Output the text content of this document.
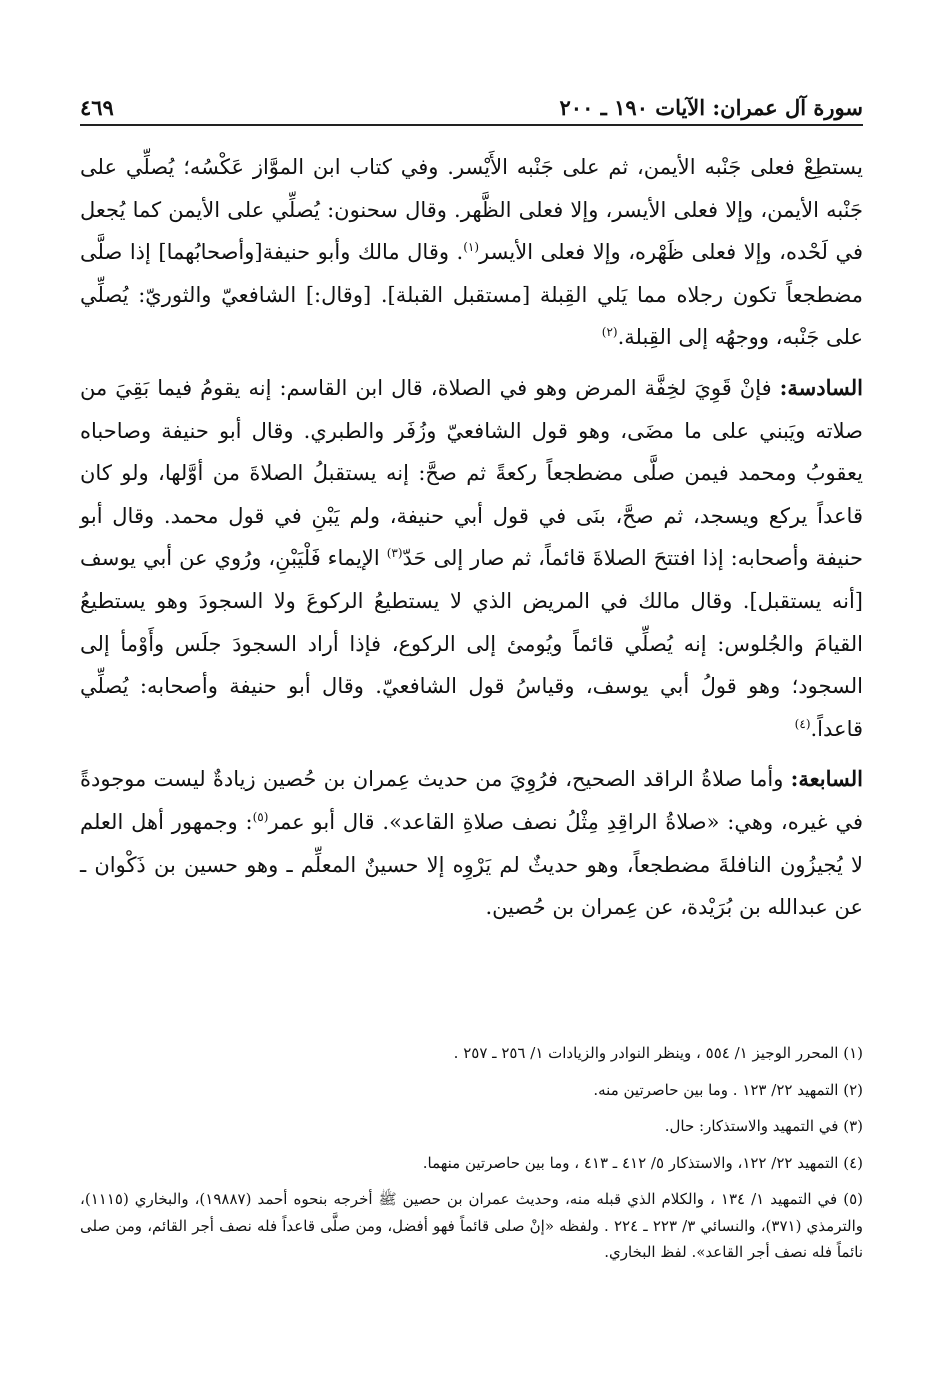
سورة آل عمران: الآيات ١٩٠ ـ ٢٠٠
٤٦٩

يستطِعْ فعلى جَنْبه الأيمن، ثم على جَنْبه الأَيْسر. وفي كتاب ابن الموَّاز عَكْسُه؛ يُصلِّي على جَنْبه الأيمن، وإلا فعلى الأيسر، وإلا فعلى الظَّهر. وقال سحنون: يُصلِّي على الأيمن كما يُجعل في لَحْده، وإلا فعلى ظَهْره، وإلا فعلى الأيسر$^{(١)}$. وقال مالك وأبو حنيفة[وأصحابُهما] إذا صلَّى مضطجعاً تكون رجلاه مما يَلي القِبلة [مستقبل القبلة]. [وقال:] الشافعيّ والثوريّ: يُصلِّي على جَنْبه، ووجهُه إلى القِبلة.$^{(٢)}$

السادسة: فإنْ قَوِيَ لخِفَّة المرض وهو في الصلاة، قال ابن القاسم: إنه يقومُ فيما بَقِيَ من صلاته ويَبني على ما مضَى، وهو قول الشافعيّ وزُفَر والطبري. وقال أبو حنيفة وصاحباه يعقوبُ ومحمد فيمن صلَّى مضطجعاً ركعةً ثم صحَّ: إنه يستقبلُ الصلاةَ من أوَّلها، ولو كان قاعداً يركع ويسجد، ثم صحَّ، بنَى في قول أبي حنيفة، ولم يَبْنِ في قول محمد. وقال أبو حنيفة وأصحابه: إذا افتتحَ الصلاةَ قائماً، ثم صار إلى حَدّ$^{(٣)}$ الإيماء فَلْيَبْنِ، ورُوي عن أبي يوسف [أنه يستقبل]. وقال مالك في المريض الذي لا يستطيعُ الركوعَ ولا السجودَ وهو يستطيعُ القيامَ والجُلوس: إنه يُصلِّي قائماً ويُومئ إلى الركوع، فإذا أراد السجودَ جلَس وأَوْمأ إلى السجود؛ وهو قولُ أبي يوسف، وقياسُ قول الشافعيّ. وقال أبو حنيفة وأصحابه: يُصلِّي قاعداً.$^{(٤)}$

السابعة: وأما صلاةُ الراقد الصحيح، فرُوِيَ من حديث عِمران بن حُصين زيادةٌ ليست موجودةً في غيره، وهي: «صلاةُ الراقِدِ مِثْلُ نصف صلاةِ القاعد». قال أبو عمر$^{(٥)}$: وجمهور أهل العلم لا يُجيزُون النافلةَ مضطجعاً، وهو حديثٌ لم يَرْوِه إلا حسينٌ المعلِّم ـ وهو حسين بن ذَكْوان ـ عن عبدالله بن بُرَيْدة، عن عِمران بن حُصين.

(١) المحرر الوجيز ١/ ٥٥٤ ، وينظر النوادر والزيادات ١/ ٢٥٦ ـ ٢٥٧ .

(٢) التمهيد ٢٢/ ١٢٣ . وما بين حاصرتين منه.

(٣) في التمهيد والاستذكار: حال.

(٤) التمهيد ٢٢/ ١٢٢، والاستذكار ٥/ ٤١٢ ـ ٤١٣ ، وما بين حاصرتين منهما.

(٥) في التمهيد ١/ ١٣٤ ، والكلام الذي قبله منه، وحديث عمران بن حصين ﷺ أخرجه بنحوه أحمد (١٩٨٨٧)، والبخاري (١١١٥)، والترمذي (٣٧١)، والنسائي ٣/ ٢٢٣ ـ ٢٢٤ . ولفظه «إنْ صلى قائماً فهو أفضل، ومن صلَّى قاعداً فله نصف أجر القائم، ومن صلى نائماً فله نصف أجر القاعد». لفظ البخاري.
